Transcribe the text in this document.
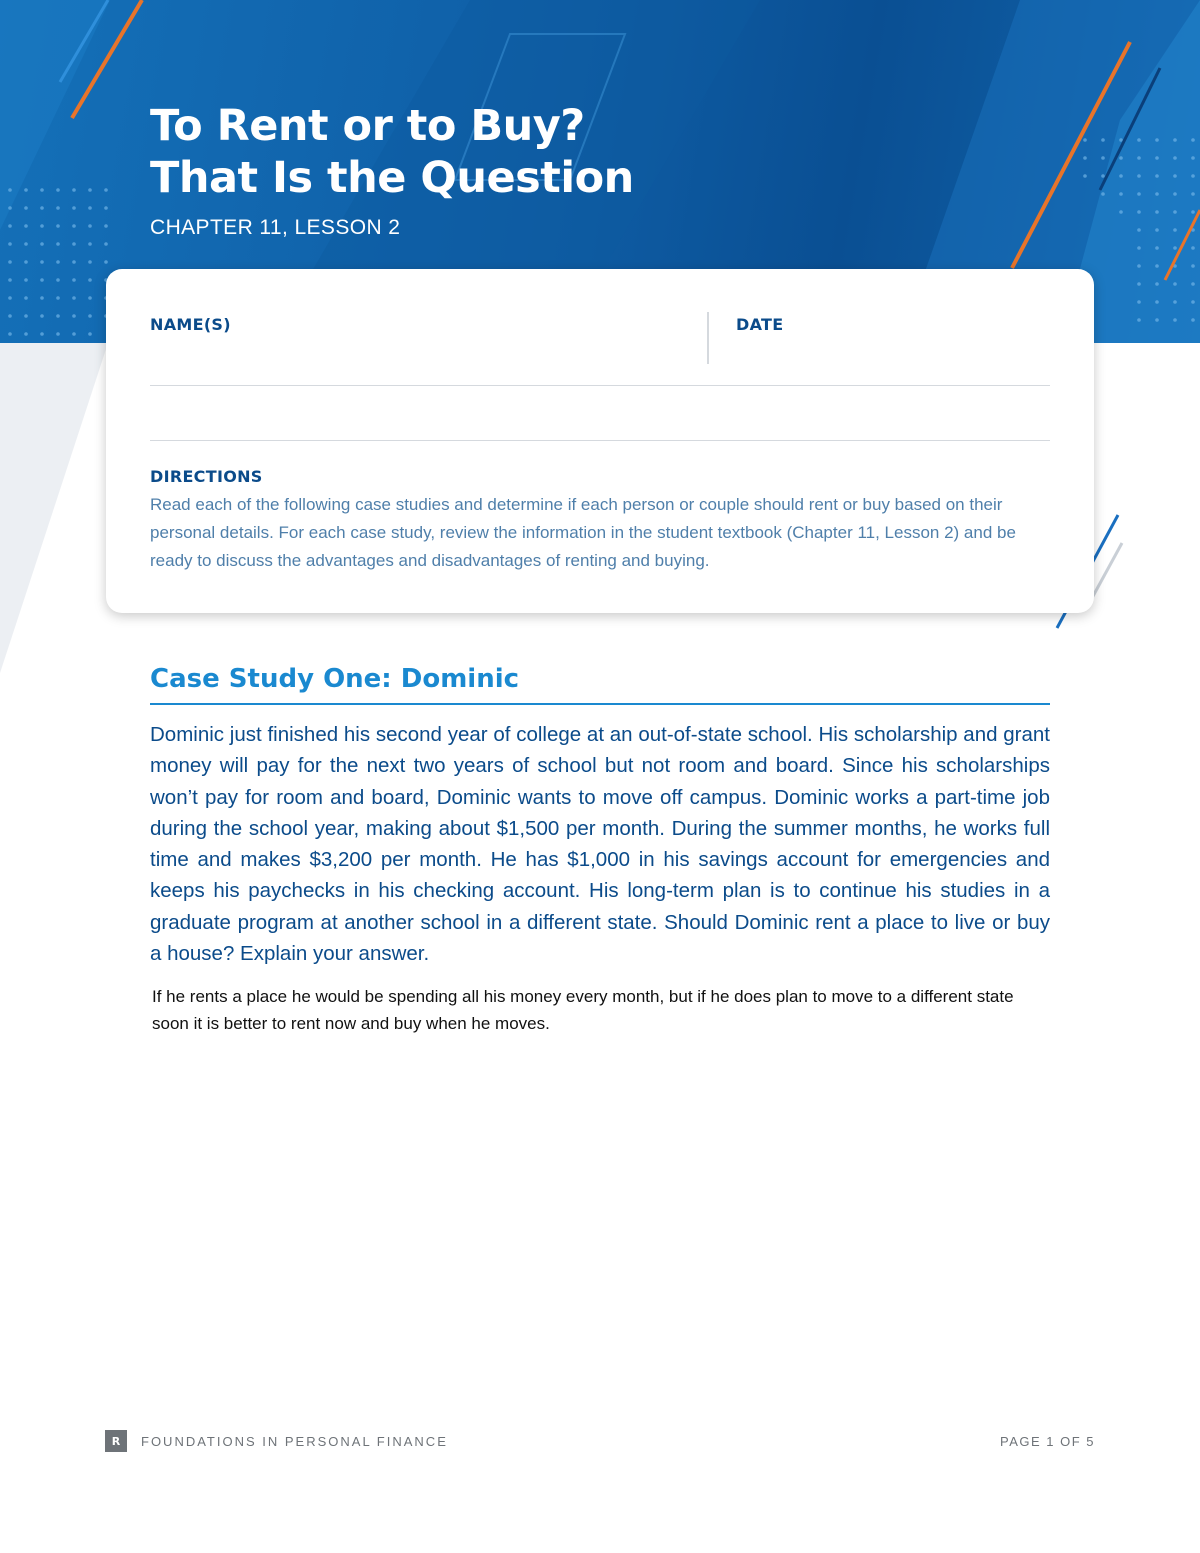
To Rent or to Buy?
That Is the Question
CHAPTER 11, LESSON 2
NAME(S)	DATE
DIRECTIONS
Read each of the following case studies and determine if each person or couple should rent or buy based on their personal details. For each case study, review the information in the student textbook (Chapter 11, Lesson 2) and be ready to discuss the advantages and disadvantages of renting and buying.
Case Study One: Dominic
Dominic just finished his second year of college at an out-of-state school. His scholarship and grant money will pay for the next two years of school but not room and board. Since his scholarships won’t pay for room and board, Dominic wants to move off campus. Dominic works a part-time job during the school year, making about $1,500 per month. During the summer months, he works full time and makes $3,200 per month. He has $1,000 in his savings account for emergencies and keeps his paychecks in his checking account. His long-term plan is to continue his studies in a graduate program at another school in a different state. Should Dominic rent a place to live or buy a house? Explain your answer.
If he rents a place he would be spending all his money every month, but if he does plan to move to a different state soon it is better to rent now and buy when he moves.
R	FOUNDATIONS IN PERSONAL FINANCE	PAGE 1 OF 5
